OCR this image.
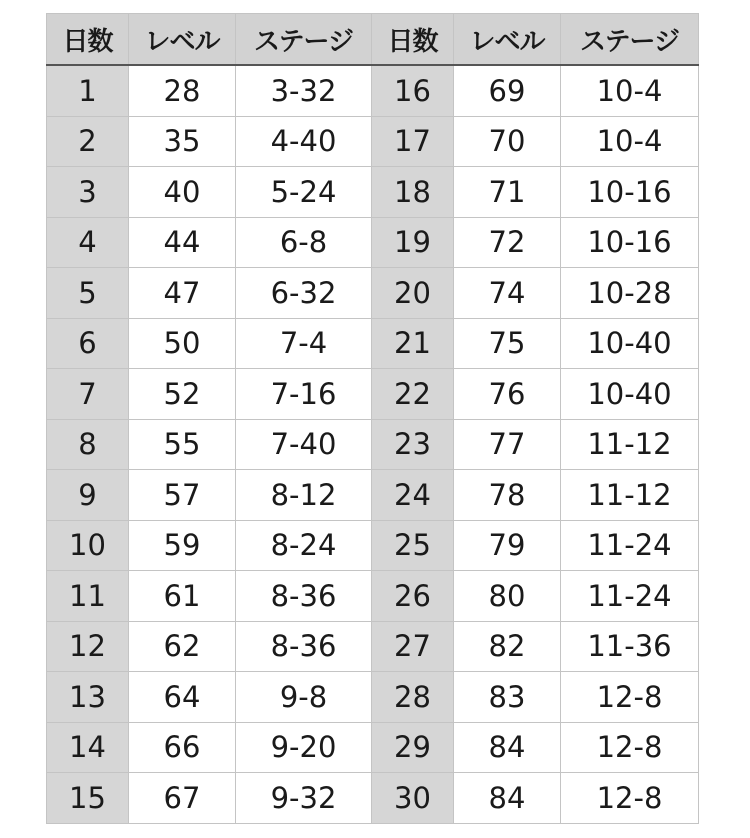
日数	レベル	ステージ	日数	レベル	ステージ
1	28	3-32	16	69	10-4
2	35	4-40	17	70	10-4
3	40	5-24	18	71	10-16
4	44	6-8	19	72	10-16
5	47	6-32	20	74	10-28
6	50	7-4	21	75	10-40
7	52	7-16	22	76	10-40
8	55	7-40	23	77	11-12
9	57	8-12	24	78	11-12
10	59	8-24	25	79	11-24
11	61	8-36	26	80	11-24
12	62	8-36	27	82	11-36
13	64	9-8	28	83	12-8
14	66	9-20	29	84	12-8
15	67	9-32	30	84	12-8
